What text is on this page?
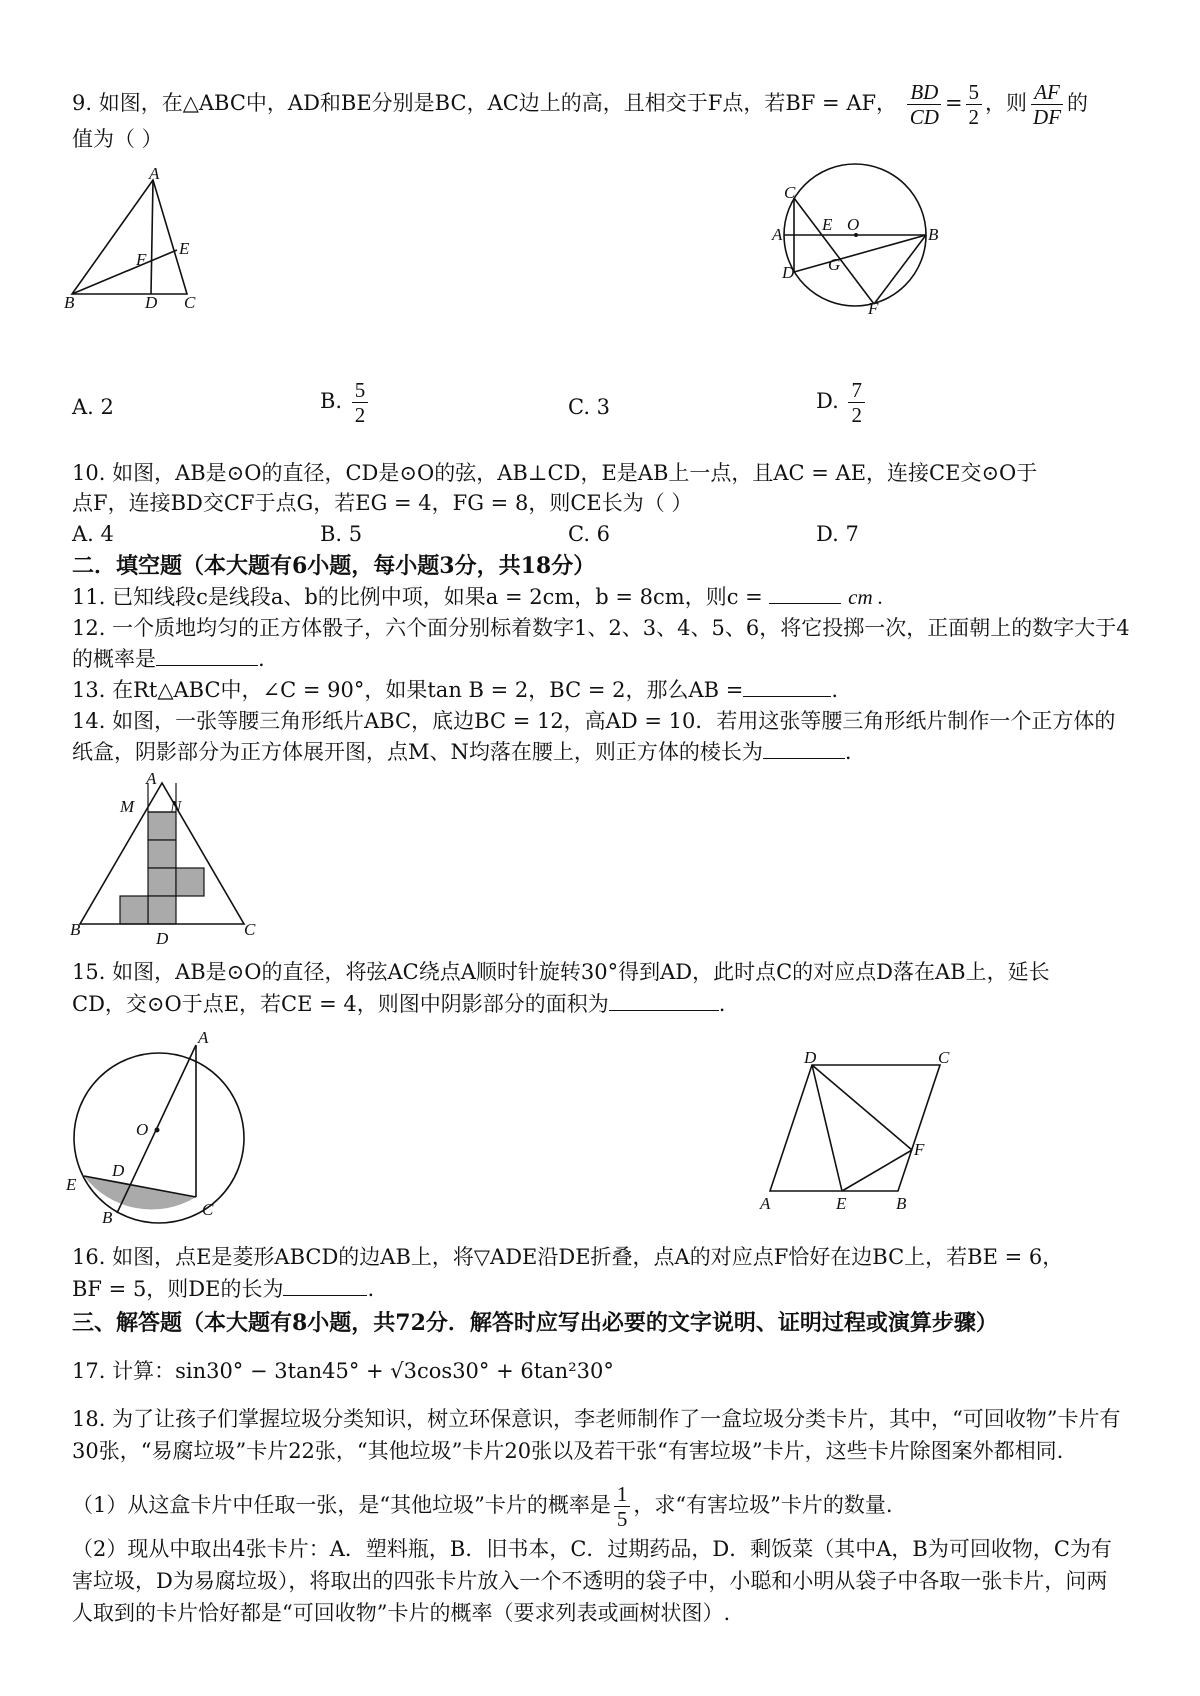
9. 如图，在△ABC中，AD和BE分别是BC，AC边上的高，且相交于F点，若BF = AF， $\frac{BD}{CD} = \frac{5}{2}$ ，则 $\frac{AF}{DF}$ 的
值为（ ）
A
B	D C
F
E
C
A
D
E O
G
B
F
A. 2	B. $\frac{5}{2}$	C. 3	D. $\frac{7}{2}$
10. 如图，AB是⊙O的直径，CD是⊙O的弦，AB⊥CD，E是AB上一点，且AC = AE，连接CE交⊙O于
点F，连接BD交CF于点G，若EG = 4，FG = 8，则CE长为（ ）
A. 4	B. 5	C. 6	D. 7
二．填空题（本大题有6小题，每小题3分，共18分）
11. 已知线段c是线段a、b的比例中项，如果a = 2cm，b = 8cm，则c =	cm .
12. 一个质地均匀的正方体骰子，六个面分别标着数字1、2、3、4、5、6，将它投掷一次，正面朝上的数字大于4
的概率是	.
13. 在Rt△ABC中，∠C = 90°，如果tan B = 2，BC = 2，那么AB =	.
14. 如图，一张等腰三角形纸片ABC，底边BC = 12，高AD = 10．若用这张等腰三角形纸片制作一个正方体的
纸盒，阴影部分为正方体展开图，点M、N均落在腰上，则正方体的棱长为	.
A
M N
B	D	C
15. 如图，AB是⊙O的直径，将弦AC绕点A顺时针旋转30°得到AD，此时点C的对应点D落在AB上，延长
CD，交⊙O于点E，若CE = 4，则图中阴影部分的面积为	.
A
O
D
E
B	C
D	C
F
A	E	B
16. 如图，点E是菱形ABCD的边AB上，将▽ADE沿DE折叠，点A的对应点F恰好在边BC上，若BE = 6，
BF = 5，则DE的长为	.
三、解答题（本大题有8小题，共72分．解答时应写出必要的文字说明、证明过程或演算步骤）
17. 计算：sin30° − 3tan45° + √3cos30° + 6tan²30°
18. 为了让孩子们掌握垃圾分类知识，树立环保意识，李老师制作了一盒垃圾分类卡片，其中，“可回收物”卡片有
30张，“易腐垃圾”卡片22张，“其他垃圾”卡片20张以及若干张“有害垃圾”卡片，这些卡片除图案外都相同.
（1）从这盒卡片中任取一张，是“其他垃圾”卡片的概率是 $\frac{1}{5}$ ，求“有害垃圾”卡片的数量.
（2）现从中取出4张卡片：A．塑料瓶，B．旧书本，C．过期药品，D．剩饭菜（其中A，B为可回收物，C为有
害垃圾，D为易腐垃圾），将取出的四张卡片放入一个不透明的袋子中，小聪和小明从袋子中各取一张卡片，问两
人取到的卡片恰好都是“可回收物”卡片的概率（要求列表或画树状图）.
